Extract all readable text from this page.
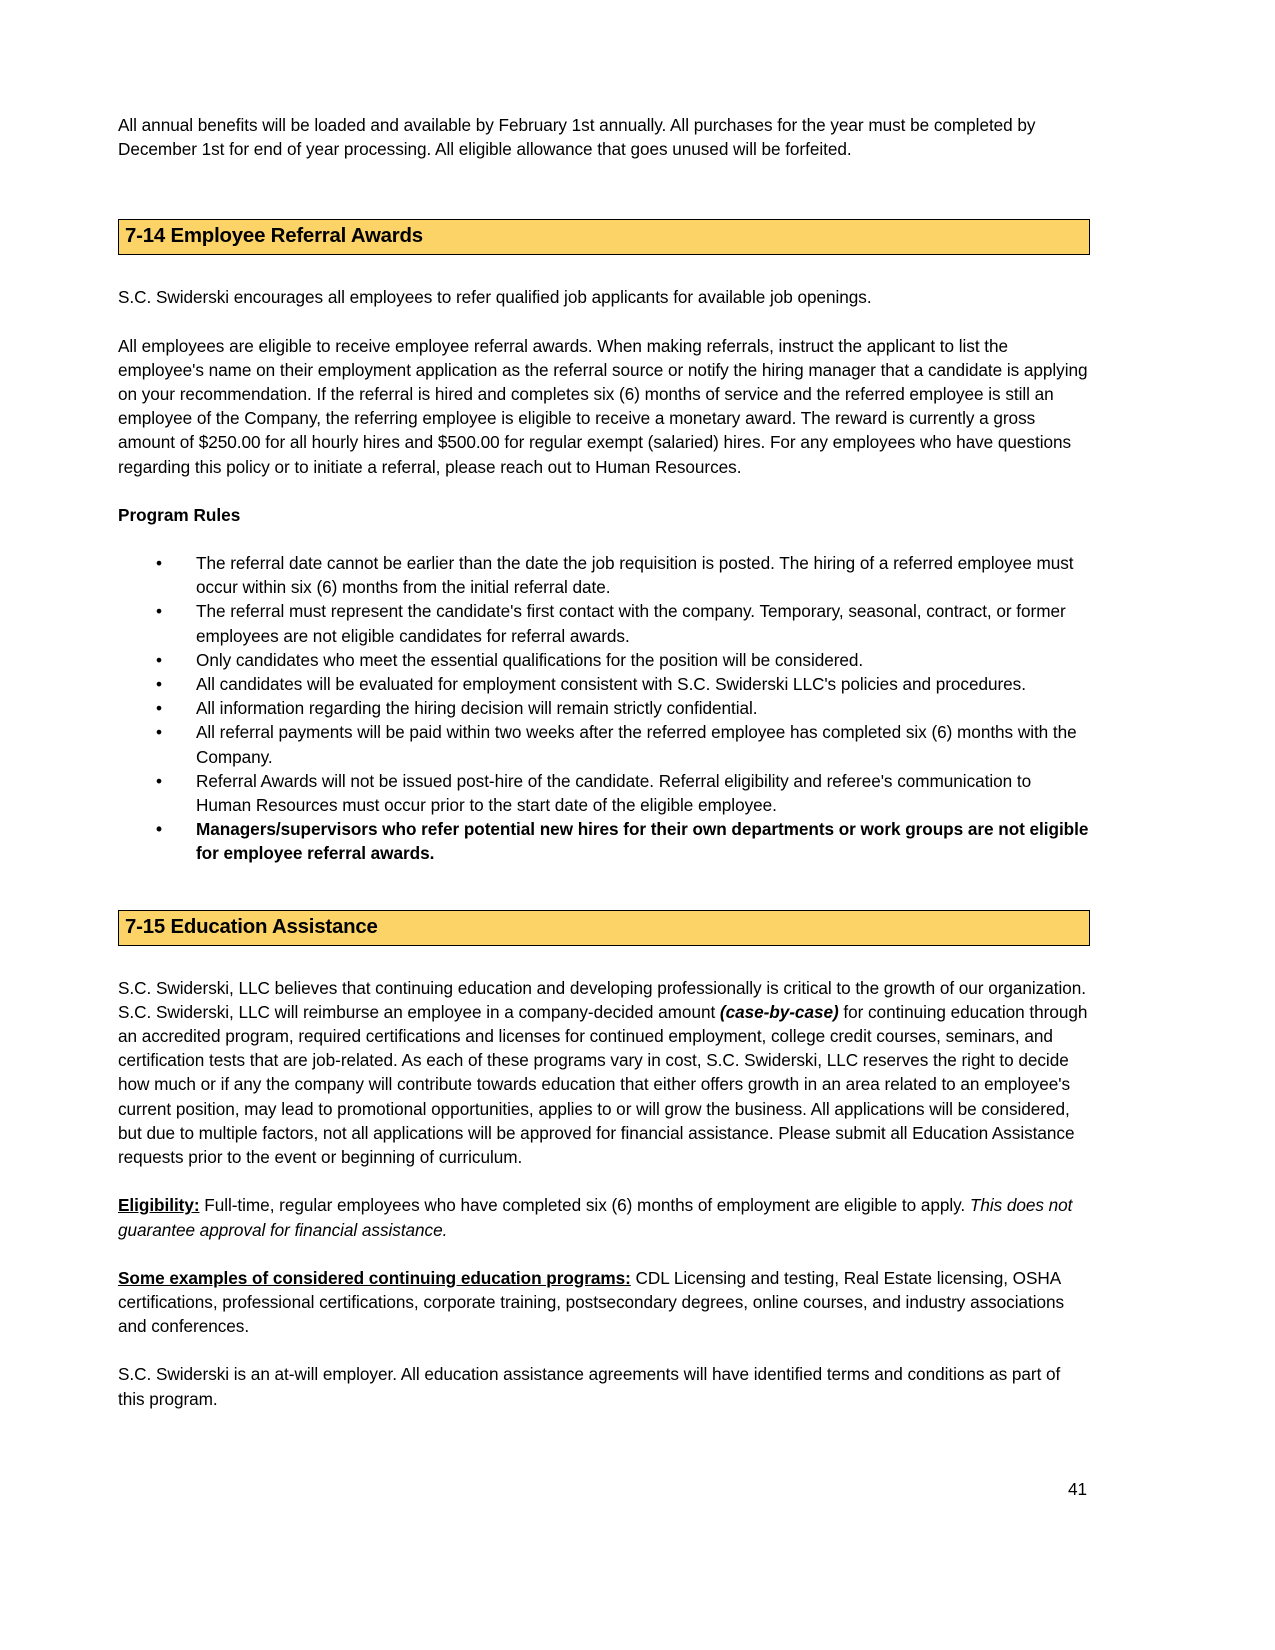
All annual benefits will be loaded and available by February 1st annually. All purchases for the year must be completed by December 1st for end of year processing. All eligible allowance that goes unused will be forfeited.

7-14 Employee Referral Awards

S.C. Swiderski encourages all employees to refer qualified job applicants for available job openings.

All employees are eligible to receive employee referral awards. When making referrals, instruct the applicant to list the employee's name on their employment application as the referral source or notify the hiring manager that a candidate is applying on your recommendation. If the referral is hired and completes six (6) months of service and the referred employee is still an employee of the Company, the referring employee is eligible to receive a monetary award. The reward is currently a gross amount of $250.00 for all hourly hires and $500.00 for regular exempt (salaried) hires. For any employees who have questions regarding this policy or to initiate a referral, please reach out to Human Resources.

Program Rules
• The referral date cannot be earlier than the date the job requisition is posted. The hiring of a referred employee must occur within six (6) months from the initial referral date.
• The referral must represent the candidate's first contact with the company. Temporary, seasonal, contract, or former employees are not eligible candidates for referral awards.
• Only candidates who meet the essential qualifications for the position will be considered.
• All candidates will be evaluated for employment consistent with S.C. Swiderski LLC's policies and procedures.
• All information regarding the hiring decision will remain strictly confidential.
• All referral payments will be paid within two weeks after the referred employee has completed six (6) months with the Company.
• Referral Awards will not be issued post-hire of the candidate. Referral eligibility and referee's communication to Human Resources must occur prior to the start date of the eligible employee.
• Managers/supervisors who refer potential new hires for their own departments or work groups are not eligible for employee referral awards.
7-15 Education Assistance

S.C. Swiderski, LLC believes that continuing education and developing professionally is critical to the growth of our organization. S.C. Swiderski, LLC will reimburse an employee in a company-decided amount (case-by-case) for continuing education through an accredited program, required certifications and licenses for continued employment, college credit courses, seminars, and certification tests that are job-related. As each of these programs vary in cost, S.C. Swiderski, LLC reserves the right to decide how much or if any the company will contribute towards education that either offers growth in an area related to an employee's current position, may lead to promotional opportunities, applies to or will grow the business. All applications will be considered, but due to multiple factors, not all applications will be approved for financial assistance. Please submit all Education Assistance requests prior to the event or beginning of curriculum.

Eligibility: Full-time, regular employees who have completed six (6) months of employment are eligible to apply. This does not guarantee approval for financial assistance.

Some examples of considered continuing education programs: CDL Licensing and testing, Real Estate licensing, OSHA certifications, professional certifications, corporate training, postsecondary degrees, online courses, and industry associations and conferences.

S.C. Swiderski is an at-will employer. All education assistance agreements will have identified terms and conditions as part of this program.

41
